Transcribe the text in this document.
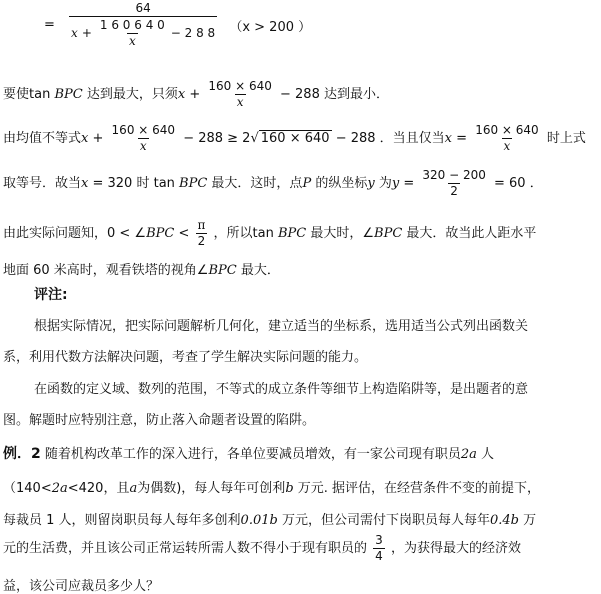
=
64
$x + \frac{1 6 0 6 4 0}{x} - 2$ 8 8 （x > 200 ）
要使tan BPC 达到最大，只须$x + \frac{160 \times 640}{x} - 288$ 达到最小．
由均值不等式$x + \frac{160 \times 640}{x} - 288 \ge 2√$ 160 × 640 − 288 ．当且仅当$x = \frac{160 \times 640}{x}$ 时上式
取等号．故当x = 320 时 tan BPC 最大．这时，点P 的纵坐标y 为$y = \frac{320 - 200}{2} = 60$ ．
由此实际问题知，0 < ∠BPC < $\frac{\pi}{2}$ ，所以tan BPC 最大时，∠BPC 最大．故当此人距水平
地面 60 米高时，观看铁塔的视角∠BPC 最大．
评注:
根据实际情况，把实际问题解析几何化，建立适当的坐标系，选用适当公式列出函数关
系，利用代数方法解决问题，考查了学生解决实际问题的能力。
在函数的定义域、数列的范围，不等式的成立条件等细节上构造陷阱等，是出题者的意
图。解题时应特别注意，防止落入命题者设置的陷阱。
例．2 随着机构改革工作的深入进行，各单位要减员增效，有一家公司现有职员2a 人
（140<2a<420，且a为偶数)，每人每年可创利b 万元. 据评估，在经营条件不变的前提下，
每裁员 1 人，则留岗职员每人每年多创利0.01b 万元，但公司需付下岗职员每人每年0.4b 万
元的生活费，并且该公司正常运转所需人数不得小于现有职员的 $\frac{3}{4}$ ，为获得最大的经济效
益，该公司应裁员多少人？
